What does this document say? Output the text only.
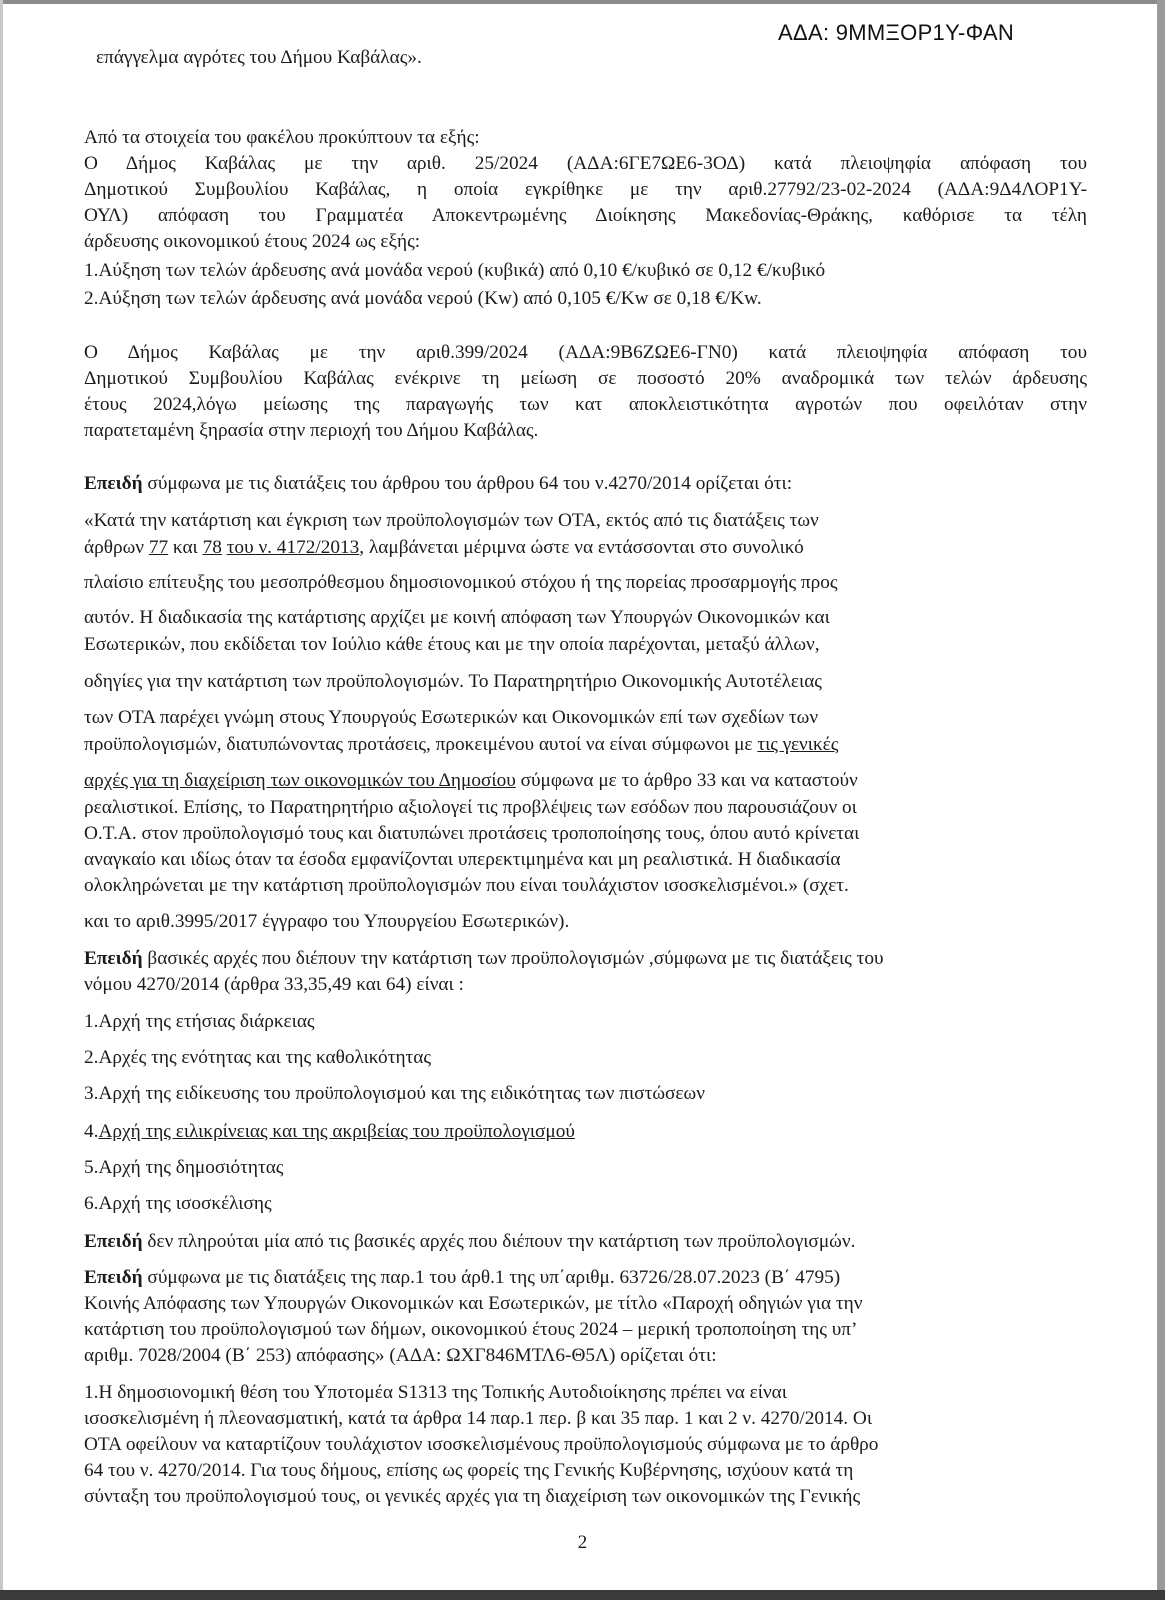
ΑΔΑ: 9ΜΜΞΟΡ1Υ-ΦΑΝ
επάγγελμα αγρότες του Δήμου Καβάλας».
Από τα στοιχεία του φακέλου προκύπτουν τα εξής:
Ο Δήμος Καβάλας με την αριθ. 25/2024 (ΑΔΑ:6ΓΕ7ΩΕ6-3ΟΔ) κατά πλειοψηφία απόφαση του
Δημοτικού Συμβουλίου Καβάλας, η οποία εγκρίθηκε με την αριθ.27792/23-02-2024 (ΑΔΑ:9Δ4ΛΟΡ1Υ-
ΟΥΛ) απόφαση του Γραμματέα Αποκεντρωμένης Διοίκησης Μακεδονίας-Θράκης, καθόρισε τα τέλη
άρδευσης οικονομικού έτους 2024 ως εξής:
1.Αύξηση των τελών άρδευσης ανά μονάδα νερού (κυβικά) από 0,10 €/κυβικό σε 0,12 €/κυβικό
2.Αύξηση των τελών άρδευσης ανά μονάδα νερού (Kw) από 0,105 €/Kw σε 0,18 €/Kw.
Ο Δήμος Καβάλας με την αριθ.399/2024 (ΑΔΑ:9Β6ΖΩΕ6-ΓΝ0) κατά πλειοψηφία απόφαση του
Δημοτικού Συμβουλίου Καβάλας ενέκρινε τη μείωση σε ποσοστό 20% αναδρομικά των τελών άρδευσης
έτους 2024,λόγω μείωσης της παραγωγής των κατ αποκλειστικότητα αγροτών που οφειλόταν στην
παρατεταμένη ξηρασία στην περιοχή του Δήμου Καβάλας.
Επειδή σύμφωνα με τις διατάξεις του άρθρου του άρθρου 64 του ν.4270/2014 ορίζεται ότι:
«Κατά την κατάρτιση και έγκριση των προϋπολογισμών των ΟΤΑ, εκτός από τις διατάξεις των
άρθρων 77 και 78 του ν. 4172/2013, λαμβάνεται μέριμνα ώστε να εντάσσονται στο συνολικό
πλαίσιο επίτευξης του μεσοπρόθεσμου δημοσιονομικού στόχου ή της πορείας προσαρμογής προς
αυτόν. Η διαδικασία της κατάρτισης αρχίζει με κοινή απόφαση των Υπουργών Οικονομικών και
Εσωτερικών, που εκδίδεται τον Ιούλιο κάθε έτους και με την οποία παρέχονται, μεταξύ άλλων,
οδηγίες για την κατάρτιση των προϋπολογισμών. Το Παρατηρητήριο Οικονομικής Αυτοτέλειας
των ΟΤΑ παρέχει γνώμη στους Υπουργούς Εσωτερικών και Οικονομικών επί των σχεδίων των
προϋπολογισμών, διατυπώνοντας προτάσεις, προκειμένου αυτοί να είναι σύμφωνοι με τις γενικές
αρχές για τη διαχείριση των οικονομικών του Δημοσίου σύμφωνα με το άρθρο 33 και να καταστούν
ρεαλιστικοί. Επίσης, το Παρατηρητήριο αξιολογεί τις προβλέψεις των εσόδων που παρουσιάζουν οι
Ο.Τ.Α. στον προϋπολογισμό τους και διατυπώνει προτάσεις τροποποίησης τους, όπου αυτό κρίνεται
αναγκαίο και ιδίως όταν τα έσοδα εμφανίζονται υπερεκτιμημένα και μη ρεαλιστικά. Η διαδικασία
ολοκληρώνεται με την κατάρτιση προϋπολογισμών που είναι τουλάχιστον ισοσκελισμένοι.» (σχετ.
και το αριθ.3995/2017 έγγραφο του Υπουργείου Εσωτερικών).
Επειδή βασικές αρχές που διέπουν την κατάρτιση των προϋπολογισμών ,σύμφωνα με τις διατάξεις του
νόμου 4270/2014 (άρθρα 33,35,49 και 64) είναι :
1.Αρχή της ετήσιας διάρκειας
2.Αρχές της ενότητας και της καθολικότητας
3.Αρχή της ειδίκευσης του προϋπολογισμού και της ειδικότητας των πιστώσεων
4.Αρχή της ειλικρίνειας και της ακριβείας του προϋπολογισμού
5.Αρχή της δημοσιότητας
6.Αρχή της ισοσκέλισης
Επειδή δεν πληρούται μία από τις βασικές αρχές που διέπουν την κατάρτιση των προϋπολογισμών.
Επειδή σύμφωνα με τις διατάξεις της παρ.1 του άρθ.1 της υπ΄αριθμ. 63726/28.07.2023 (Β΄ 4795)
Κοινής Απόφασης των Υπουργών Οικονομικών και Εσωτερικών, με τίτλο «Παροχή οδηγιών για την
κατάρτιση του προϋπολογισμού των δήμων, οικονομικού έτους 2024 – μερική τροποποίηση της υπ’
αριθμ. 7028/2004 (Β΄ 253) απόφασης» (ΑΔΑ: ΩΧΓ846ΜΤΛ6-Θ5Λ) ορίζεται ότι:
1.Η δημοσιονομική θέση του Υποτομέα S1313 της Τοπικής Αυτοδιοίκησης πρέπει να είναι
ισοσκελισμένη ή πλεονασματική, κατά τα άρθρα 14 παρ.1 περ. β και 35 παρ. 1 και 2 ν. 4270/2014. Οι
ΟΤΑ οφείλουν να καταρτίζουν τουλάχιστον ισοσκελισμένους προϋπολογισμούς σύμφωνα με το άρθρο
64 του ν. 4270/2014. Για τους δήμους, επίσης ως φορείς της Γενικής Κυβέρνησης, ισχύουν κατά τη
σύνταξη του προϋπολογισμού τους, οι γενικές αρχές για τη διαχείριση των οικονομικών της Γενικής
2
